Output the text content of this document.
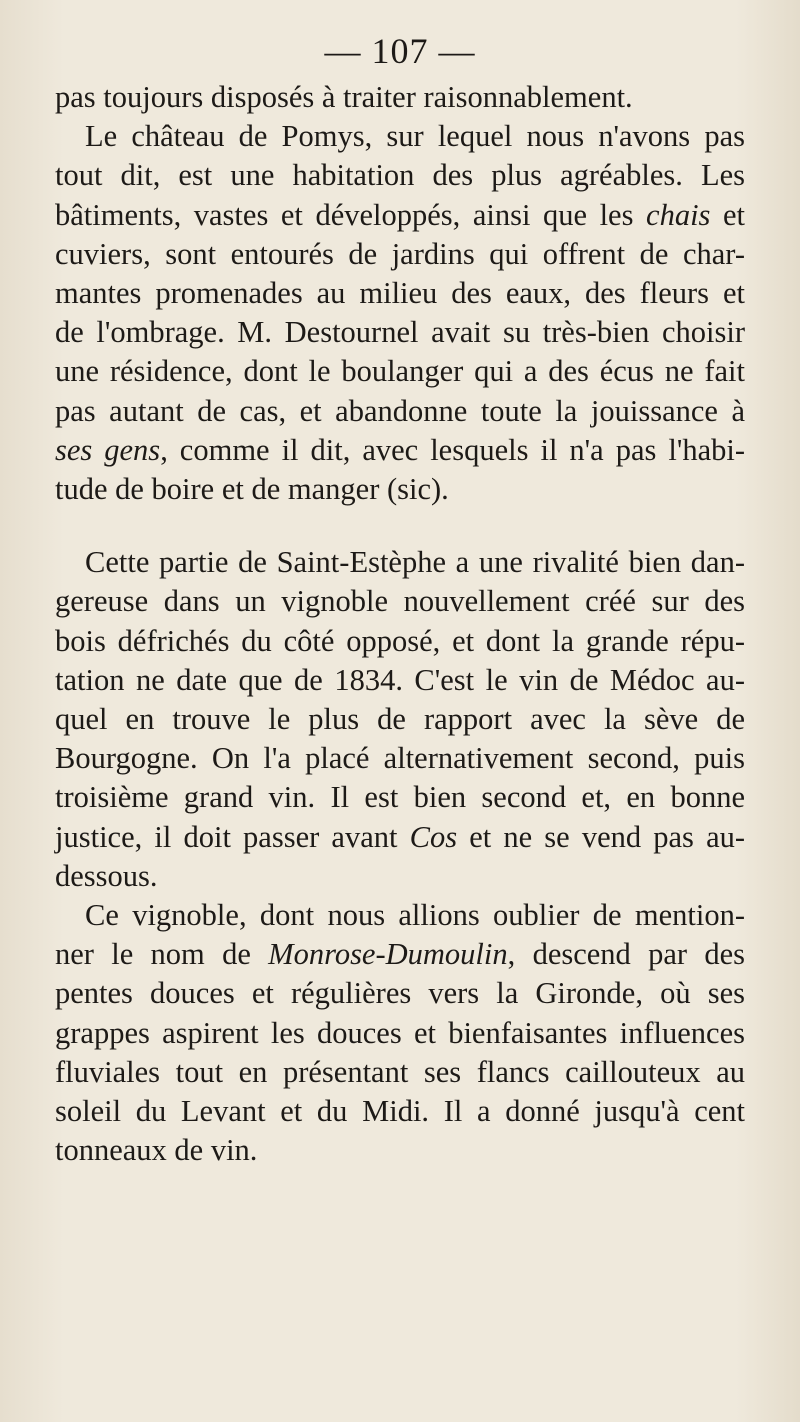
— 107 —
pas toujours disposés à traiter raisonnablement.
Le château de Pomys, sur lequel nous n'avons pas
tout dit, est une habitation des plus agréables. Les
bâtiments, vastes et développés, ainsi que les chais et
cuviers, sont entourés de jardins qui offrent de char-
mantes promenades au milieu des eaux, des fleurs et
de l'ombrage. M. Destournel avait su très-bien choisir
une résidence, dont le boulanger qui a des écus ne fait
pas autant de cas, et abandonne toute la jouissance à
ses gens, comme il dit, avec lesquels il n'a pas l'habi-
tude de boire et de manger (sic).
Cette partie de Saint-Estèphe a une rivalité bien dan-
gereuse dans un vignoble nouvellement créé sur des
bois défrichés du côté opposé, et dont la grande répu-
tation ne date que de 1834. C'est le vin de Médoc au-
quel en trouve le plus de rapport avec la sève de
Bourgogne. On l'a placé alternativement second, puis
troisième grand vin. Il est bien second et, en bonne
justice, il doit passer avant Cos et ne se vend pas au-
dessous.
Ce vignoble, dont nous allions oublier de mention-
ner le nom de Monrose-Dumoulin, descend par des
pentes douces et régulières vers la Gironde, où ses
grappes aspirent les douces et bienfaisantes influences
fluviales tout en présentant ses flancs caillouteux au
soleil du Levant et du Midi. Il a donné jusqu'à cent
tonneaux de vin.
